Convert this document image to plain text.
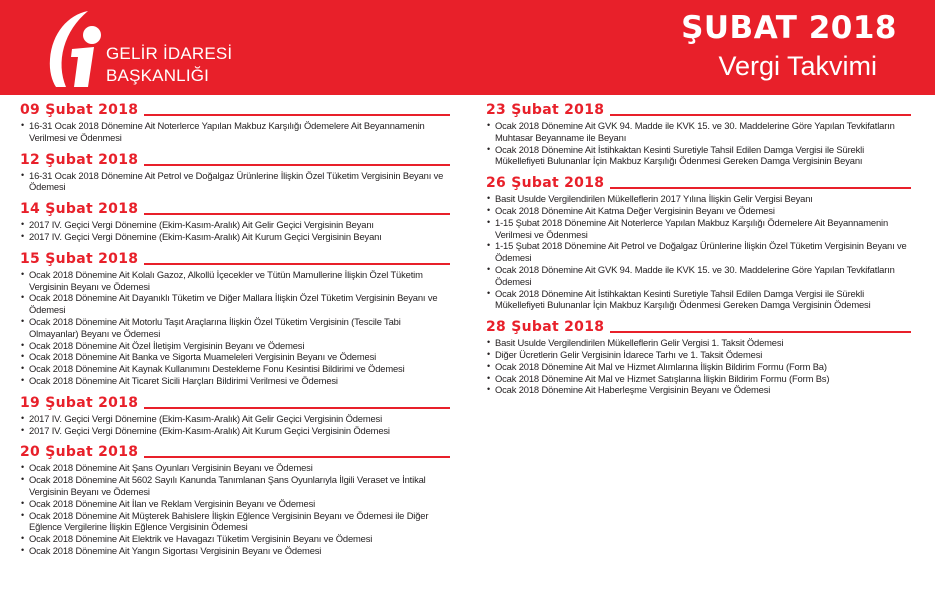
GELİR İDARESİ
BAŞKANLIĞI
ŞUBAT 2018
Vergi Takvimi
09 Şubat 2018
• 16-31 Ocak 2018 Dönemine Ait Noterlerce Yapılan Makbuz Karşılığı Ödemelere Ait Beyannamenin Verilmesi ve Ödenmesi
12 Şubat 2018
• 16-31 Ocak 2018 Dönemine Ait Petrol ve Doğalgaz Ürünlerine İlişkin Özel Tüketim Vergisinin Beyanı ve Ödemesi
14 Şubat 2018
• 2017 IV. Geçici Vergi Dönemine (Ekim-Kasım-Aralık) Ait Gelir Geçici Vergisinin Beyanı
• 2017 IV. Geçici Vergi Dönemine (Ekim-Kasım-Aralık) Ait Kurum Geçici Vergisinin Beyanı
15 Şubat 2018
• Ocak 2018 Dönemine Ait Kolalı Gazoz, Alkollü İçecekler ve Tütün Mamullerine İlişkin Özel Tüketim Vergisinin Beyanı ve Ödemesi
• Ocak 2018 Dönemine Ait Dayanıklı Tüketim ve Diğer Mallara İlişkin Özel Tüketim Vergisinin Beyanı ve Ödemesi
• Ocak 2018 Dönemine Ait Motorlu Taşıt Araçlarına İlişkin Özel Tüketim Vergisinin (Tescile Tabi Olmayanlar) Beyanı ve Ödemesi
• Ocak 2018 Dönemine Ait Özel İletişim Vergisinin Beyanı ve Ödemesi
• Ocak 2018 Dönemine Ait Banka ve Sigorta Muameleleri Vergisinin Beyanı ve Ödemesi
• Ocak 2018 Dönemine Ait Kaynak Kullanımını Destekleme Fonu Kesintisi Bildirimi ve Ödemesi
• Ocak 2018 Dönemine Ait Ticaret Sicili Harçları Bildirimi Verilmesi ve Ödemesi
19 Şubat 2018
• 2017 IV. Geçici Vergi Dönemine (Ekim-Kasım-Aralık) Ait Gelir Geçici Vergisinin Ödemesi
• 2017 IV. Geçici Vergi Dönemine (Ekim-Kasım-Aralık) Ait Kurum Geçici Vergisinin Ödemesi
20 Şubat 2018
• Ocak 2018 Dönemine Ait Şans Oyunları Vergisinin Beyanı ve Ödemesi
• Ocak 2018 Dönemine Ait 5602 Sayılı Kanunda Tanımlanan Şans Oyunlarıyla İlgili Veraset ve İntikal Vergisinin Beyanı ve Ödemesi
• Ocak 2018 Dönemine Ait İlan ve Reklam Vergisinin Beyanı ve Ödemesi
• Ocak 2018 Dönemine Ait Müşterek Bahislere İlişkin Eğlence Vergisinin Beyanı ve Ödemesi ile Diğer Eğlence Vergilerine İlişkin Eğlence Vergisinin Ödemesi
• Ocak 2018 Dönemine Ait Elektrik ve Havagazı Tüketim Vergisinin Beyanı ve Ödemesi
• Ocak 2018 Dönemine Ait Yangın Sigortası Vergisinin Beyanı ve Ödemesi
23 Şubat 2018
• Ocak 2018 Dönemine Ait GVK 94. Madde ile KVK 15. ve 30. Maddelerine Göre Yapılan Tevkifatların Muhtasar Beyanname ile Beyanı
• Ocak 2018 Dönemine Ait İstihkaktan Kesinti Suretiyle Tahsil Edilen Damga Vergisi ile Sürekli Mükellefiyeti Bulunanlar İçin Makbuz Karşılığı Ödenmesi Gereken Damga Vergisinin Beyanı
26 Şubat 2018
• Basit Usulde Vergilendirilen Mükelleflerin 2017 Yılına İlişkin Gelir Vergisi Beyanı
• Ocak 2018 Dönemine Ait Katma Değer Vergisinin Beyanı ve Ödemesi
• 1-15 Şubat 2018 Dönemine Ait Noterlerce Yapılan Makbuz Karşılığı Ödemelere Ait Beyannamenin Verilmesi ve Ödenmesi
• 1-15 Şubat 2018 Dönemine Ait Petrol ve Doğalgaz Ürünlerine İlişkin Özel Tüketim Vergisinin Beyanı ve Ödemesi
• Ocak 2018 Dönemine Ait GVK 94. Madde ile KVK 15. ve 30. Maddelerine Göre Yapılan Tevkifatların Ödemesi
• Ocak 2018 Dönemine Ait İstihkaktan Kesinti Suretiyle Tahsil Edilen Damga Vergisi ile Sürekli Mükellefiyeti Bulunanlar İçin Makbuz Karşılığı Ödenmesi Gereken Damga Vergisinin Ödemesi
28 Şubat 2018
• Basit Usulde Vergilendirilen Mükelleflerin Gelir Vergisi 1. Taksit Ödemesi
• Diğer Ücretlerin Gelir Vergisinin İdarece Tarhı ve 1. Taksit Ödemesi
• Ocak 2018 Dönemine Ait Mal ve Hizmet Alımlarına İlişkin Bildirim Formu (Form Ba)
• Ocak 2018 Dönemine Ait Mal ve Hizmet Satışlarına İlişkin Bildirim Formu (Form Bs)
• Ocak 2018 Dönemine Ait Haberleşme Vergisinin Beyanı ve Ödemesi
